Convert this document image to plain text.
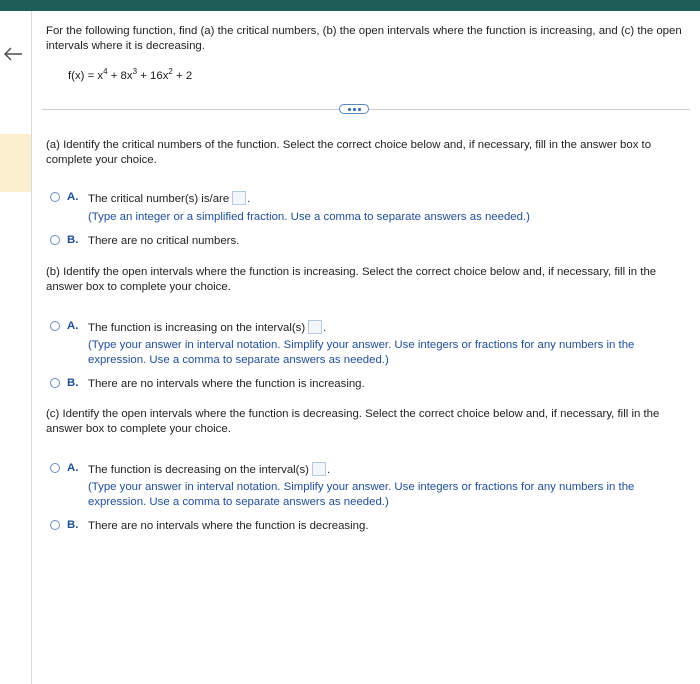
For the following function, find (a) the critical numbers, (b) the open intervals where the function is increasing, and (c) the open intervals where it is decreasing.
$f(x) = x^4 + 8x^3 + 16x^2 + 2$
(a) Identify the critical numbers of the function. Select the correct choice below and, if necessary, fill in the answer box to complete your choice.
A. The critical number(s) is/are .
(Type an integer or a simplified fraction. Use a comma to separate answers as needed.)
B. There are no critical numbers.
(b) Identify the open intervals where the function is increasing. Select the correct choice below and, if necessary, fill in the answer box to complete your choice.
A. The function is increasing on the interval(s) .
(Type your answer in interval notation. Simplify your answer. Use integers or fractions for any numbers in the expression. Use a comma to separate answers as needed.)
B. There are no intervals where the function is increasing.
(c) Identify the open intervals where the function is decreasing. Select the correct choice below and, if necessary, fill in the answer box to complete your choice.
A. The function is decreasing on the interval(s) .
(Type your answer in interval notation. Simplify your answer. Use integers or fractions for any numbers in the expression. Use a comma to separate answers as needed.)
B. There are no intervals where the function is decreasing.
